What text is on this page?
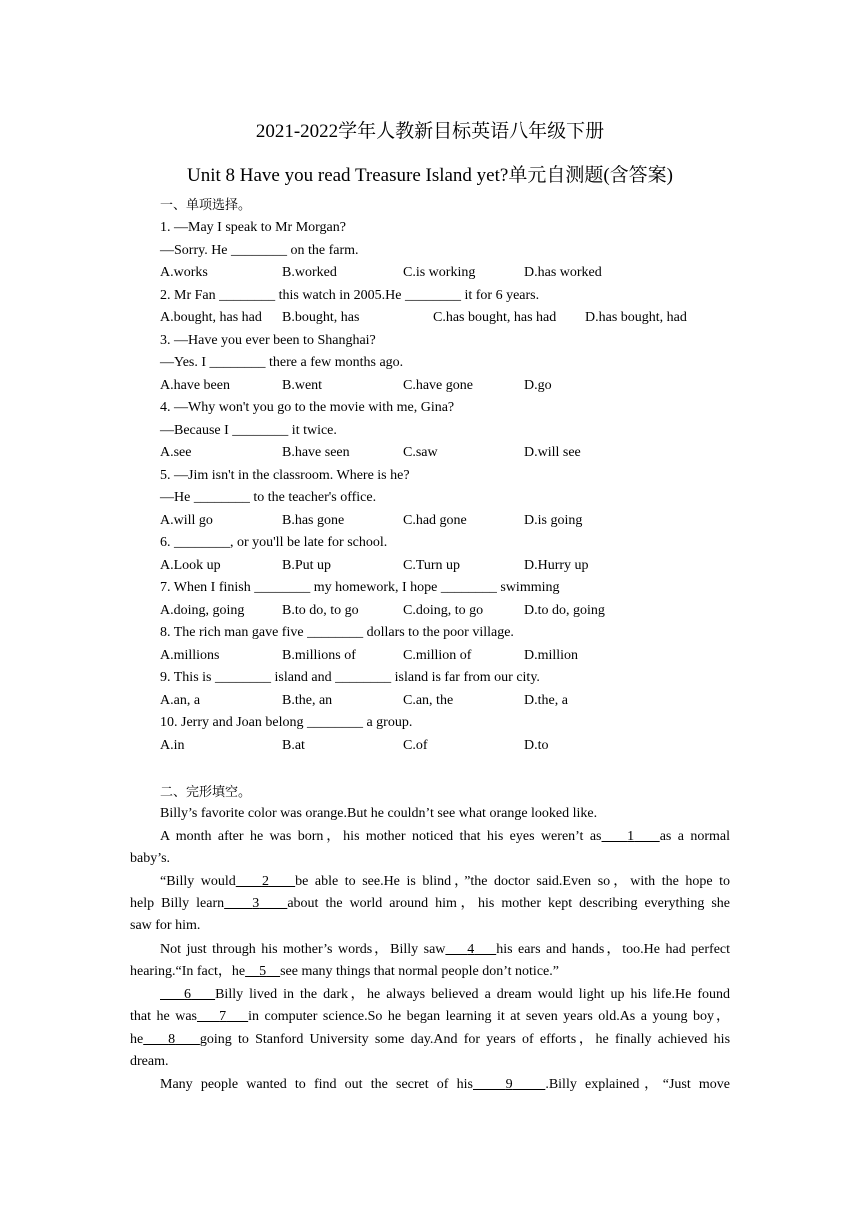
2021-2022学年人教新目标英语八年级下册
Unit 8 Have you read Treasure Island yet?单元自测题(含答案)
一、单项选择。
1. —May I speak to Mr Morgan?
—Sorry. He ________ on the farm.
A.works	B.worked	C.is working	D.has worked
2. Mr Fan ________ this watch in 2005.He ________ it for 6 years.
A.bought, has had B.bought, has	C.has bought, has had D.has bought, had
3. —Have you ever been to Shanghai?
—Yes. I ________ there a few months ago.
A.have been	B.went	C.have gone	D.go
4. —Why won't you go to the movie with me, Gina?
—Because I ________ it twice.
A.see	B.have seen	C.saw	D.will see
5. —Jim isn't in the classroom. Where is he?
—He ________ to the teacher's office.
A.will go	B.has gone	C.had gone	D.is going
6. ________, or you'll be late for school.
A.Look up	B.Put up	C.Turn up	D.Hurry up
7. When I finish ________ my homework, I hope ________ swimming
A.doing, going	B.to do, to go	C.doing, to go	D.to do, going
8. The rich man gave five ________ dollars to the poor village.
A.millions	B.millions of	C.million of	D.million
9. This is ________ island and ________ island is far from our city.
A.an, a	B.the, an	C.an, the	D.the, a
10. Jerry and Joan belong ________ a group.
A.in	B.at	C.of	D.to
二、完形填空。
Billy’s favorite color was orange.But he couldn’t see what orange looked like.
A month after he was born，his mother noticed that his eyes weren’t as 1 as a normal
baby’s.
“Billy would 2 be able to see.He is blind，”the doctor said.Even so，with the hope to
help Billy learn 3 about the world around him，his mother kept describing everything she
saw for him.
Not just through his mother’s words，Billy saw 4 his ears and hands，too.He had perfect
hearing.“In fact，he 5 see many things that normal people don’t notice.”
6 Billy lived in the dark，he always believed a dream would light up his life.He found
that he was 7 in computer science.So he began learning it at seven years old.As a young boy，
he 8 going to Stanford University some day.And for years of efforts，he finally achieved his
dream.
Many people wanted to find out the secret of his 9 .Billy explained，“Just move
